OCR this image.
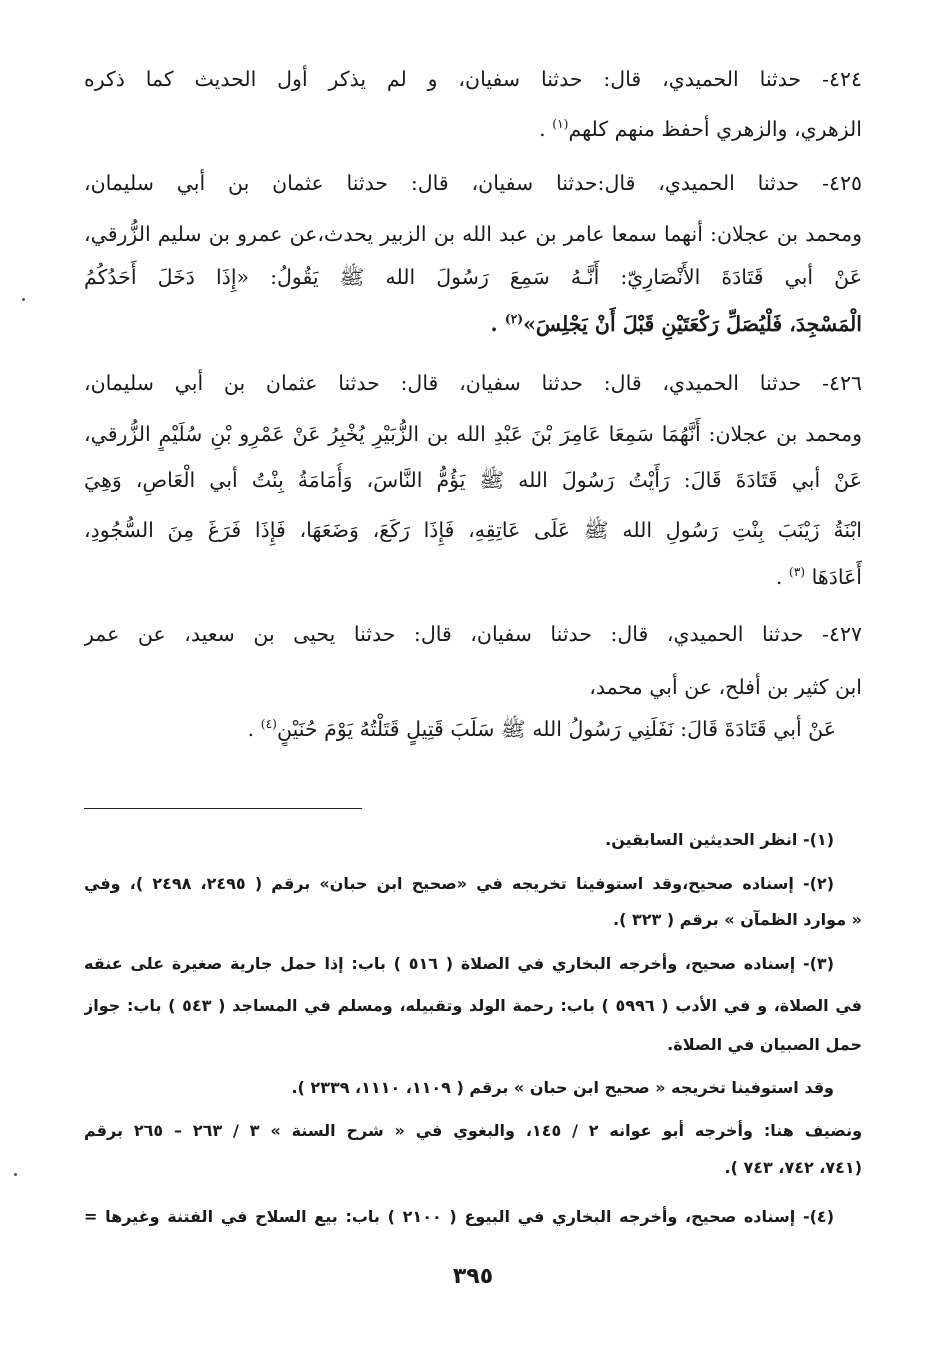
٤٢٤- حدثنا الحميدي، قال: حدثنا سفيان، و لم يذكر أول الحديث كما ذكره
الزهري، والزهري أحفظ منهم كلهم$^{(١)}$ .
٤٢٥- حدثنا الحميدي، قال:حدثنا سفيان، قال: حدثنا عثمان بن أبي سليمان،
ومحمد بن عجلان: أنهما سمعا عامر بن عبد الله بن الزبير يحدث،عن عمرو بن سليم الزُّرقي،
عَنْ أبي قَتَادَةَ الأَنْصَارِيّ: أَنَّـهُ سَمِعَ رَسُولَ الله ﷺ يَقُولُ: «إِذَا دَخَلَ أَحَدُكُمُ
الْمَسْجِدَ، فَلْيُصَلِّ رَكْعَتَيْنِ قَبْلَ أَنْ يَجْلِسَ»$^{(٢)}$ .
٤٢٦- حدثنا الحميدي، قال: حدثنا سفيان، قال: حدثنا عثمان بن أبي سليمان،
ومحمد بن عجلان: أَنَّهُمَا سَمِعَا عَامِرَ بْنَ عَبْدِ الله بن الزُّبَيْرِ يُخْبِرُ عَنْ عَمْرِو بْنِ سُلَيْمٍ الزُّرقي،
عَنْ أبي قَتَادَةَ قَالَ: رَأَيْتُ رَسُولَ الله ﷺ يَؤُمُّ النَّاسَ، وَأُمَامَةُ بِنْتُ أبي الْعَاصِ، وَهِيَ
ابْنَةُ زَيْنَبَ بِنْتِ رَسُولِ الله ﷺ عَلَى عَاتِقِهِ، فَإِذَا رَكَعَ، وَضَعَهَا، فَإِذَا فَرَغَ مِنَ السُّجُودِ،
أَعَادَهَا $^{(٣)}$ .
٤٢٧- حدثنا الحميدي، قال: حدثنا سفيان، قال: حدثنا يحيى بن سعيد، عن عمر
ابن كثير بن أفلح، عن أبي محمد،
عَنْ أبي قَتَادَةَ قَالَ: نَفَلَنِي رَسُولُ الله ﷺ سَلَبَ قَتِيلٍ قَتَلْتُهُ يَوْمَ حُنَيْنٍ$^{(٤)}$ .
(١)- انظر الحديثين السابقين.
(٢)- إسناده صحيح،وقد استوفينا تخريجه في «صحيح ابن حبان» برقم ( ٢٤٩٥، ٢٤٩٨ )، وفي
« موارد الظمآن » برقم ( ٣٢٣ ).
(٣)- إسناده صحيح، وأخرجه البخاري في الصلاة ( ٥١٦ ) باب: إذا حمل جارية صغيرة على عنقه
في الصلاة، و في الأدب ( ٥٩٩٦ ) باب: رحمة الولد وتقبيله، ومسلم في المساجد ( ٥٤٣ ) باب: جواز
حمل الصبيان في الصلاة.
وقد استوفينا تخريجه « صحيح ابن حبان » برقم ( ١١٠٩، ١١١٠، ٢٣٣٩ ).
ونضيف هنا: وأخرجه أبو عوانه ٢ / ١٤٥، والبغوي في « شرح السنة » ٣ / ٢٦٣ – ٢٦٥ برقم
(٧٤١، ٧٤٢، ٧٤٣ ).
(٤)- إسناده صحيح، وأخرجه البخاري في البيوع ( ٢١٠٠ ) باب: بيع السلاح في الفتنة وغيرها =
٣٩٥
